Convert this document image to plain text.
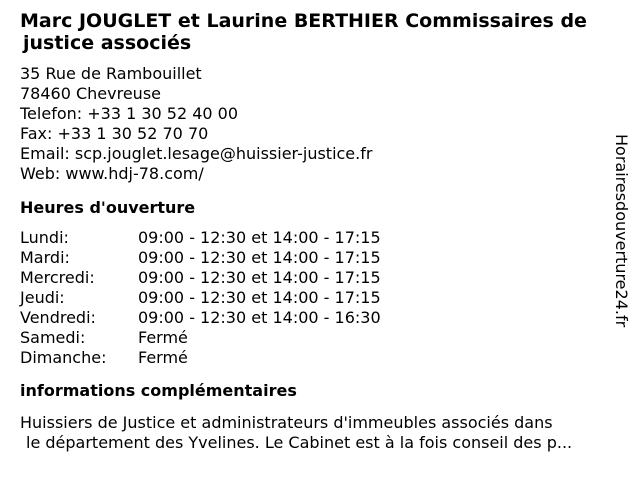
Marc JOUGLET et Laurine BERTHIER Commissaires de
justice associés
35 Rue de Rambouillet
78460 Chevreuse
Telefon: +33 1 30 52 40 00
Fax: +33 1 30 52 70 70
Email: scp.jouglet.lesage@huissier-justice.fr
Web: www.hdj-78.com/
Heures d'ouverture
Lundi:	09:00 - 12:30 et 14:00 - 17:15
Mardi:	09:00 - 12:30 et 14:00 - 17:15
Mercredi:	09:00 - 12:30 et 14:00 - 17:15
Jeudi:	09:00 - 12:30 et 14:00 - 17:15
Vendredi:	09:00 - 12:30 et 14:00 - 16:30
Samedi:	Fermé
Dimanche:	Fermé
informations complémentaires
Huissiers de Justice et administrateurs d'immeubles associés dans
le département des Yvelines. Le Cabinet est à la fois conseil des p...
Horairesdouverture24.fr
